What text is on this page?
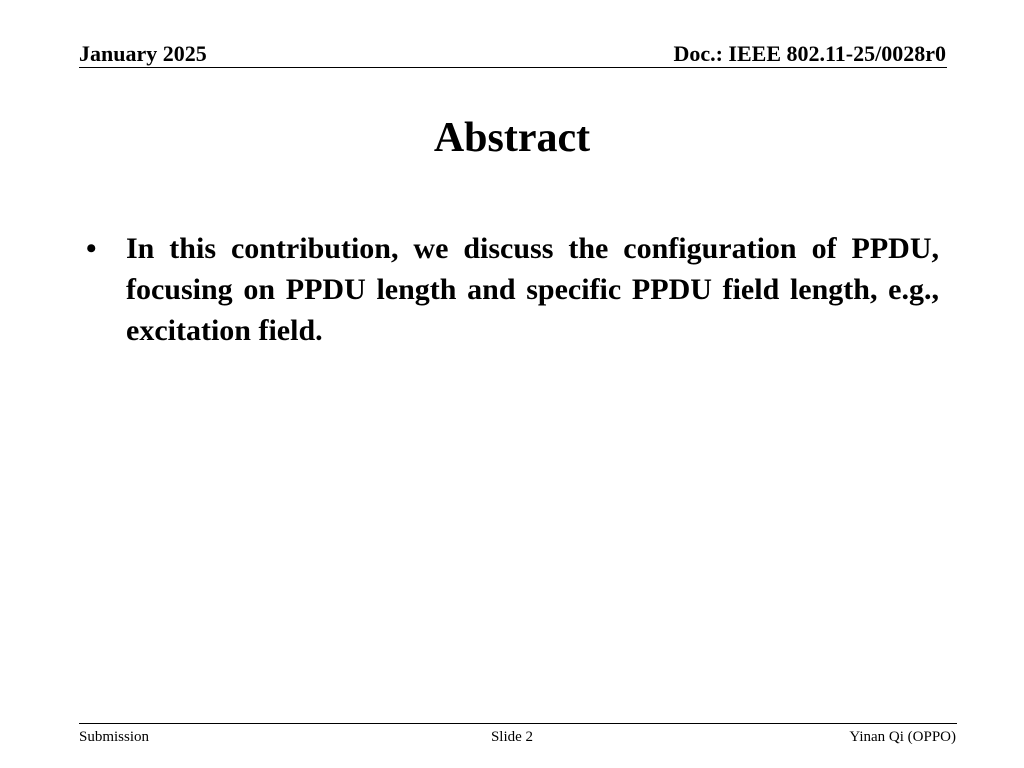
January 2025	Doc.: IEEE 802.11-25/0028r0
Abstract
• In this contribution, we discuss the configuration of PPDU, focusing on PPDU length and specific PPDU field length, e.g., excitation field.
Submission	Slide 2	Yinan Qi (OPPO)
